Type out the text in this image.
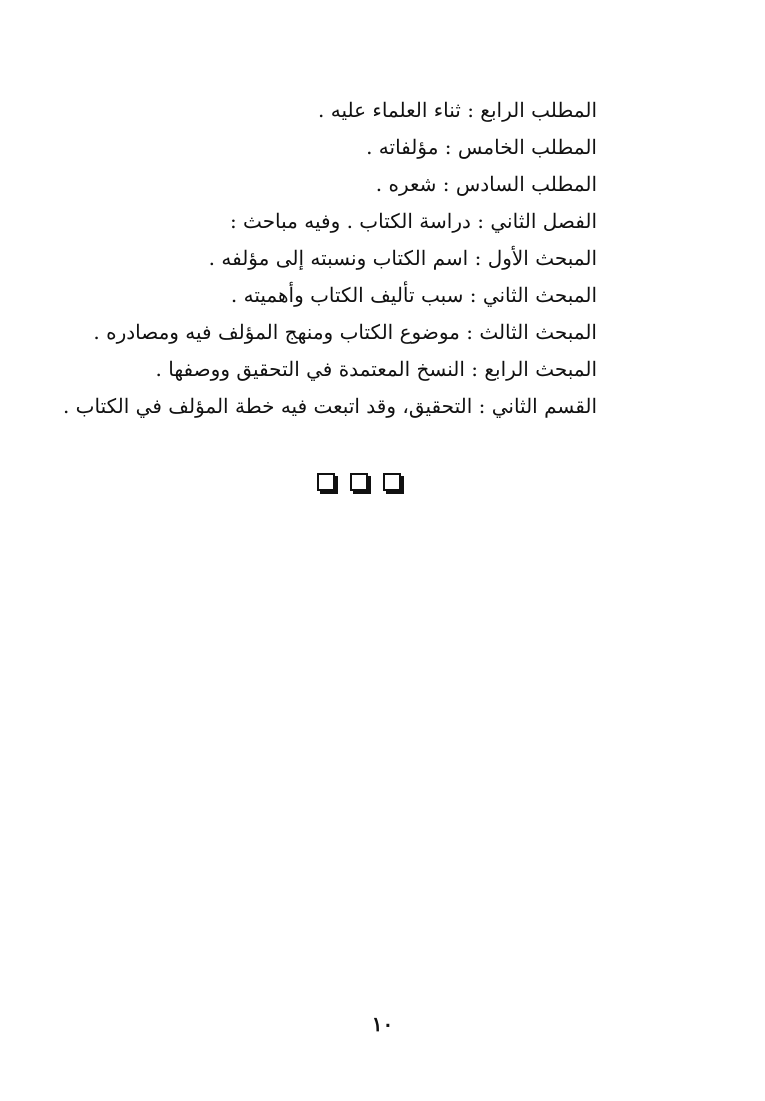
المطلب الرابع : ثناء العلماء عليه .
المطلب الخامس : مؤلفاته .
المطلب السادس : شعره .
الفصل الثاني : دراسة الكتاب . وفيه مباحث :
المبحث الأول : اسم الكتاب ونسبته إلى مؤلفه .
المبحث الثاني : سبب تأليف الكتاب وأهميته .
المبحث الثالث : موضوع الكتاب ومنهج المؤلف فيه ومصادره .
المبحث الرابع : النسخ المعتمدة في التحقيق ووصفها .
القسم الثاني : التحقيق، وقد اتبعت فيه خطة المؤلف في الكتاب .
١٠
